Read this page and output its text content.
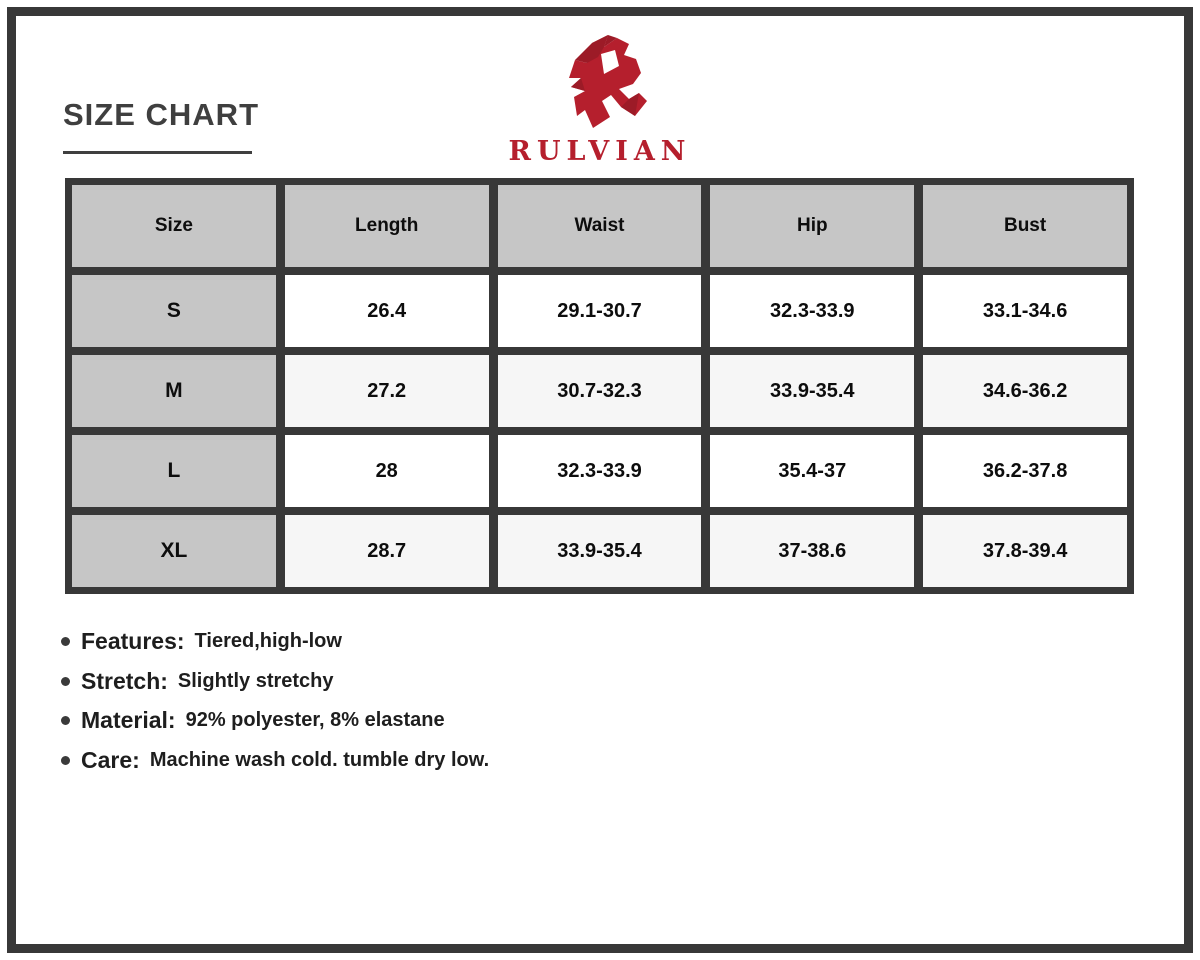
SIZE CHART
RULVIAN
Size	Length	Waist	Hip	Bust
S	26.4	29.1-30.7	32.3-33.9	33.1-34.6
M	27.2	30.7-32.3	33.9-35.4	34.6-36.2
L	28	32.3-33.9	35.4-37	36.2-37.8
XL	28.7	33.9-35.4	37-38.6	37.8-39.4
Features: Tiered,high-low
Stretch: Slightly stretchy
Material: 92% polyester, 8% elastane
Care: Machine wash cold. tumble dry low.
